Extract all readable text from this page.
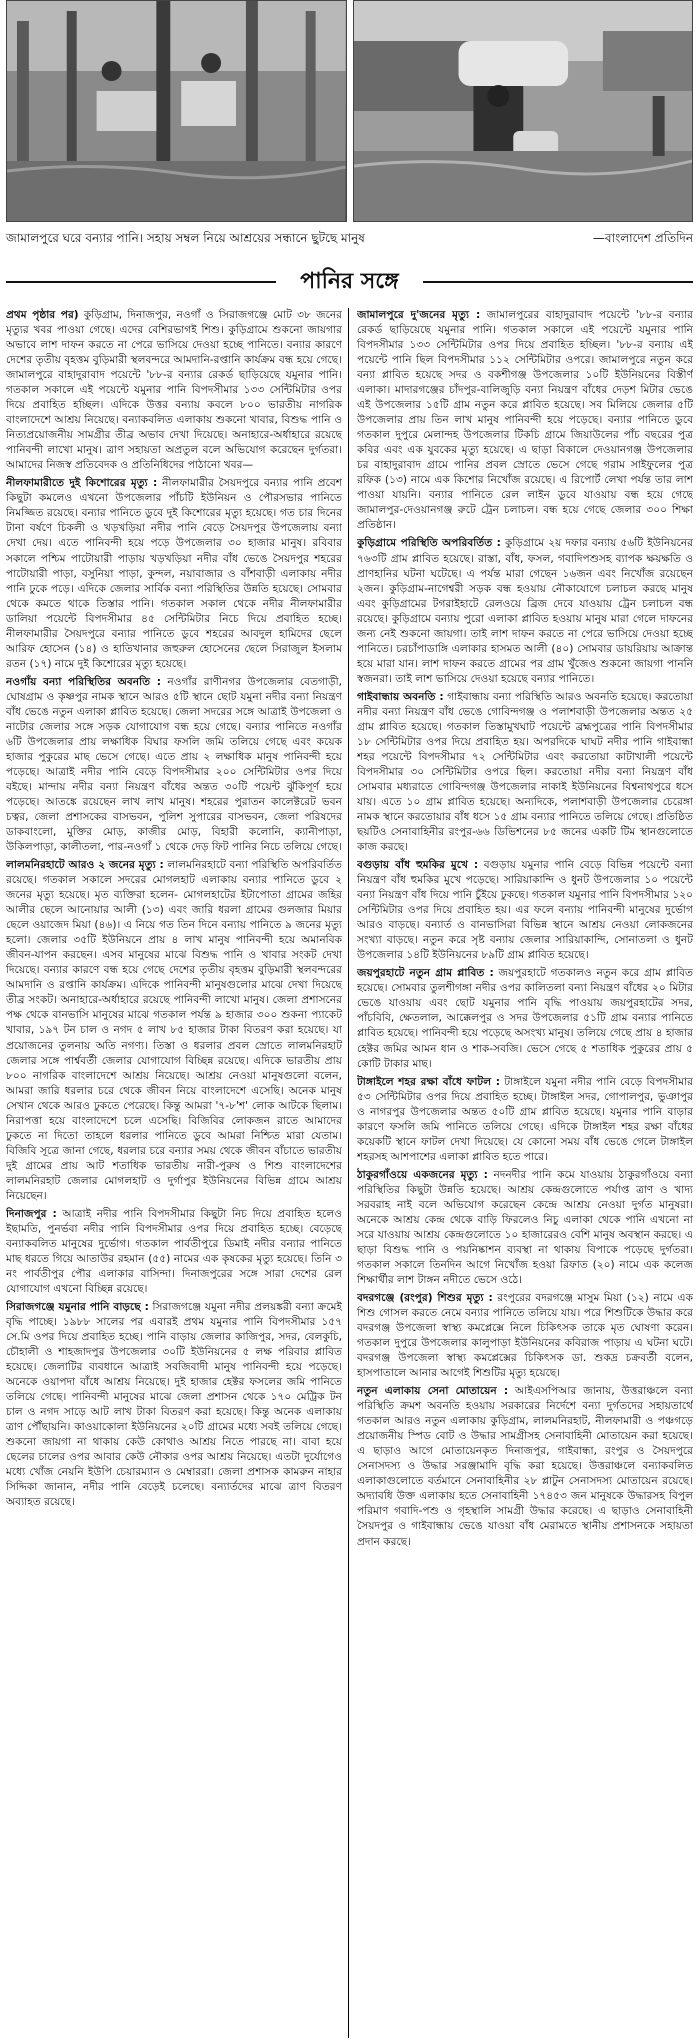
জামালপুরে ঘরে বন্যার পানি। সহায় সম্বল নিয়ে আশ্রয়ের সন্ধানে ছুটছে মানুষ	—বাংলাদেশ প্রতিদিন
পানির সঙ্গে

প্রথম পৃষ্ঠার পর) কুড়িগ্রাম, দিনাজপুর, নওগাঁ ও সিরাজগঞ্জে মোট ৩৮ জনের মৃত্যুর খবর পাওয়া গেছে। এদের বেশিরভাগই শিশু। কুড়িগ্রামে শুকনো জায়গার অভাবে লাশ দাফন করতে না পেরে ভাসিয়ে দেওয়া হচ্ছে পানিতে। বন্যার কারণে দেশের তৃতীয় বৃহত্তম বুড়িমারী স্থলবন্দরে আমদানি-রপ্তানি কার্যক্রম বন্ধ হয়ে গেছে। জামালপুরে বাহাদুরাবাদ পয়েন্টে '৮৮-র বন্যার রেকর্ড ছাড়িয়েছে যমুনার পানি। গতকাল সকালে এই পয়েন্টে যমুনার পানি বিপদসীমার ১৩৩ সেন্টিমিটার ওপর দিয়ে প্রবাহিত হচ্ছিল। এদিকে উত্তর বন্যায় কবলে ৮০০ ভারতীয় নাগরিক বাংলাদেশে আশ্রয় নিয়েছে। বন্যাকবলিত এলাকায় শুকনো খাবার, বিশুদ্ধ পানি ও নিত্যপ্রয়োজনীয় সামগ্রীর তীব্র অভাব দেখা দিয়েছে। অনাহারে-অর্ধাহারে রয়েছে পানিবন্দী লাখো মানুষ। ত্রাণ সহায়তা অপ্রতুল বলে অভিযোগ করেছেন দুর্গতরা। আমাদের নিজস্ব প্রতিবেদক ও প্রতিনিধিদের পাঠানো খবর—

নীলফামারীতে দুই কিশোরের মৃত্যু : নীলফামারীর সৈয়দপুরে বন্যার পানি প্রবেশ কিছুটা কমলেও এখনো উপজেলার পাঁচটি ইউনিয়ন ও পৌরসভার পানিতে নিমজ্জিত রয়েছে। বন্যার পানিতে ডুবে দুই কিশোরের মৃত্যু হয়েছে। গত চার দিনের টানা বর্ষণে চিকলী ও খড়খড়িয়া নদীর পানি বেড়ে সৈয়দপুর উপজেলায় বন্যা দেখা দেয়। এতে পানিবন্দী হয়ে পড়ে উপজেলার ৩০ হাজার মানুষ। রবিবার সকালে পশ্চিম পাটোয়ারী পাড়ায় খড়খড়িয়া নদীর বাঁধ ভেঙে সৈয়দপুর শহরের পাটোয়ারী পাড়া, বসুনিয়া পাড়া, কুন্দল, নয়াবাজার ও বাঁশবাড়ী এলাকায় নদীর পানি ঢুকে পড়ে। এদিকে জেলার সার্বিক বন্যা পরিস্থিতির উন্নতি হয়েছে। সোমবার থেকে কমতে থাকে তিস্তার পানি। গতকাল সকাল থেকে নদীর নীলফামারীর ডালিয়া পয়েন্টে বিপদসীমার ৪৫ সেন্টিমিটার নিচে দিয়ে প্রবাহিত হচ্ছে। নীলফামারীর সৈয়দপুরে বন্যার পানিতে ডুবে শহরের আবদুল হামিদের ছেলে আরিফ হোসেন (১৪) ও হাতিখানার জহুরুল হোসেনের ছেলে সিরাজুল ইসলাম রতন (১৭) নামে দুই কিশোরের মৃত্যু হয়েছে।

নওগাঁয় বন্যা পরিস্থিতির অবনতি : নওগাঁর রাণীনগর উপজেলার বেতগাড়ী, ঘোষগ্রাম ও কৃষ্ণপুর নামক স্থানে আরও ৫টি স্থানে ছোট যমুনা নদীর বন্যা নিয়ন্ত্রণ বাঁধ ভেঙে নতুন এলাকা প্লাবিত হয়েছে। জেলা সদরের সঙ্গে আত্রাই উপজেলা ও নাটোর জেলার সঙ্গে সড়ক যোগাযোগ বন্ধ হয়ে গেছে। বন্যার পানিতে নওগাঁর ৬টি উপজেলার প্রায় লক্ষাধিক বিঘার ফসলি জমি তলিয়ে গেছে এবং কয়েক হাজার পুকুরের মাছ ভেসে গেছে। এতে প্রায় ২ লক্ষাধিক মানুষ পানিবন্দী হয়ে পড়েছে। আত্রাই নদীর পানি বেড়ে বিপদসীমার ২০০ সেন্টিমিটার ওপর দিয়ে বইছে। মান্দায় নদীর বন্যা নিয়ন্ত্রণ বাঁধের অন্তত ৩০টি পয়েন্ট ঝুঁকিপূর্ণ হয়ে পড়েছে। আতঙ্কে রয়েছেন লাখ লাখ মানুষ। শহরের পুরাতন কালেক্টরেট ভবন চত্বর, জেলা প্রশাসকের বাসভবন, পুলিশ সুপারের বাসভবন, জেলা পরিষদের ডাকবাংলো, মুক্তির মোড়, কাজীর মোড়, বিহারী কলোনি, ক্যানীপাড়া, উকিলপাড়া, কালীতলা, পার-নওগাঁ ১ থেকে দেড় ফিট পানির নিচে তলিয়ে গেছে।

লালমনিরহাটে আরও ২ জনের মৃত্যু : লালমনিরহাটে বন্যা পরিস্থিতি অপরিবর্তিত রয়েছে। গতকাল সকালে সদরের মোগলহাট এলাকায় বন্যার পানিতে ডুবে ২ জনের মৃত্যু হয়েছে। মৃত ব্যক্তিরা হলেন- মোগলহাটের ইটাপোতা গ্রামের জহির আলীর ছেলে আনোয়ার আলী (১৩) এবং জারি ধরলা গ্রামের গুলজার মিয়ার ছেলে ওয়াজেদ মিয়া (৪৬)। এ নিয়ে গত তিন দিনে বন্যায় পানিতে ৯ জনের মৃত্যু হলো। জেলার ৩৫টি ইউনিয়নে প্রায় ৪ লাখ মানুষ পানিবন্দী হয়ে অমানবিক জীবন-যাপন করছেন। এসব মানুষের মাঝে বিশুদ্ধ পানি ও খাবার সংকট দেখা দিয়েছে। বন্যার কারণে বন্ধ হয়ে গেছে দেশের তৃতীয় বৃহত্তম বুড়িমারী স্থলবন্দরের আমদানি ও রপ্তানি কার্যক্রম। এদিকে পানিবন্দী মানুষগুলোর মাঝে দেখা দিয়েছে তীব্র সংকট। অনাহারে-অর্ধাহারে রয়েছে পানিবন্দী লাখো মানুষ। জেলা প্রশাসনের পক্ষ থেকে বানভাসি মানুষের মাঝে গতকাল পর্যন্ত ৯ হাজার ৩০০ শুকনা প্যাকেট খাবার, ১৯৭ টন চাল ও নগদ ৫ লাখ ৮৫ হাজার টাকা বিতরণ করা হয়েছে। যা প্রয়োজনের তুলনায় অতি নগণ্য। তিস্তা ও ধরলার প্রবল স্রোতে লালমনিরহাট জেলার সঙ্গে পার্শ্ববর্তী জেলার যোগাযোগ বিচ্ছিন্ন রয়েছে। এদিকে ভারতীয় প্রায় ৮০০ নাগরিক বাংলাদেশে আশ্রয় নিয়েছে। আশ্রয় নেওয়া মানুষগুলো বলেন, আমরা জারি ধরলার চরে থেকে জীবন নিয়ে বাংলাদেশে এসেছি। অনেক মানুষ সেখান থেকে আরও ঢুকতে পেরেছে। কিন্তু আমরা '৭-৮'শ' লোক আটকে ছিলাম। নিরাপত্তা হয়ে বাংলাদেশে চলে এসেছি। বিজিবির লোকজন রাতে আমাদের ঢুকতে না দিতো তাহলে ধরলার পানিতে ডুবে আমরা নিশ্চিত মারা যেতাম। বিজিবি সূত্রে জানা গেছে, ধরলার চরে বন্যার সময় থেকে জীবন বাঁচাতে ভারতীয় দুই গ্রামের প্রায় আট শতাধিক ভারতীয় নারী-পুরুষ ও শিশু বাংলাদেশের লালমনিরহাট জেলার মোগলহাট ও দুর্গাপুর ইউনিয়নের বিভিন্ন গ্রামে আশ্রয় নিয়েছেন।

দিনাজপুর : আত্রাই নদীর পানি বিপদসীমার কিছুটা নিচ দিয়ে প্রবাহিত হলেও ইছামতি, পুনর্ভবা নদীর পানি বিপদসীমার ওপর দিয়ে প্রবাহিত হচ্ছে। বেড়েছে বন্যাকবলিত মানুষের দুর্ভোগ। গতকাল পার্বতীপুরে ডিমাই নদীর বন্যার পানিতে মাছ ধরতে গিয়ে আতাউর রহমান (৫৫) নামের এক কৃষকের মৃত্যু হয়েছে। তিনি ৩ নং পার্বতীপুর পৌর এলাকার বাসিন্দা। দিনাজপুরের সঙ্গে সারা দেশের রেল যোগাযোগ এখনো বিচ্ছিন্ন রয়েছে।

সিরাজগঞ্জে যমুনার পানি বাড়ছে : সিরাজগঞ্জে যমুনা নদীর প্রলয়ঙ্করী বন্যা ক্রমেই বৃদ্ধি পাচ্ছে। ১৯৮৮ সালের পর এবারই প্রথম যমুনার পানি বিপদসীমার ১৫৭ সে.মি ওপর দিয়ে প্রবাহিত হচ্ছে। পানি বাড়ায় জেলার কাজিপুর, সদর, বেলকুচি, চৌহালী ও শাহজাদপুর উপজেলার ৩০টি ইউনিয়নের ৫ লক্ষ পরিবার প্লাবিত হয়েছে। জেলাটির ব্যবধানে আত্রাই সবজিবাদী মানুষ পানিবন্দী হয়ে পড়েছে। অনেকে ওয়াপদা বাঁধে আশ্রয় নিয়েছে। দুই হাজার হেক্টর ফসলের জমি পানিতে তলিয়ে গেছে। পানিবন্দী মানুষের মাঝে জেলা প্রশাসন থেকে ১৭০ মেট্রিক টন চাল ও নগদ সাড়ে আট লাখ টাকা বিতরণ করা হয়েছে। কিন্তু অনেক এলাকায় ত্রাণ পৌঁছায়নি। কাওয়াকোলা ইউনিয়নের ২০টি গ্রামের মধ্যে সবই তলিয়ে গেছে। শুকনো জায়গা না থাকায় কেউ কোথাও আশ্রয় নিতে পারছে না। বাবা হয়ে ছেলের চালের ওপর আবার কেউ নৌকার ওপর আশ্রয় নিয়েছে। এতটা দুর্যোগেও মধ্যে খোঁজ নেয়নি ইউপি চেয়ারম্যান ও মেম্বাররা। জেলা প্রশাসক কামরুন নাহার সিদ্দিকা জানান, নদীর পানি বেড়েই চলেছে। বন্যার্তদের মাঝে ত্রাণ বিতরণ অব্যাহত রয়েছে।

জামালপুরে দু'জনের মৃত্যু : জামালপুরের বাহাদুরাবাদ পয়েন্টে '৮৮-র বন্যার রেকর্ড ছাড়িয়েছে যমুনার পানি। গতকাল সকালে এই পয়েন্টে যমুনার পানি বিপদসীমার ১৩৩ সেন্টিমিটার ওপর দিয়ে প্রবাহিত হচ্ছিল। '৮৮-র বন্যায় এই পয়েন্টে পানি ছিল বিপদসীমার ১১২ সেন্টিমিটার ওপরে। জামালপুরে নতুন করে বন্যা প্লাবিত হয়েছে সদর ও বকশীগঞ্জ উপজেলার ১০টি ইউনিয়নের বিস্তীর্ণ এলাকা। মাদারগঞ্জের চাঁদপুর-বালিজুড়ি বন্যা নিয়ন্ত্রণ বাঁধের দেড়শ মিটার ভেঙে এই উপজেলার ১৫টি গ্রাম নতুন করে প্লাবিত হয়েছে। সব মিলিয়ে জেলার ৫টি উপজেলার প্রায় তিন লাখ মানুষ পানিবন্দী হয়ে পড়েছে। বন্যার পানিতে ডুবে গতকাল দুপুরে মেলান্দহ উপজেলার টিকচি গ্রামে জিয়াউলের পাঁচ বছরের পুত্র কবির এবং এক যুবকের মৃত্যু হয়েছে। এ ছাড়া বিকালে দেওয়ানগঞ্জ উপজেলার চর বাহাদুরাবাদ গ্রামে পানির প্রবল স্রোতে ভেসে গেছে গরাম সাইফুলের পুত্র রফিক (১৩) নামে এক কিশোর নিখোঁজ রয়েছে। এ রিপোর্ট লেখা পর্যন্ত তার লাশ পাওয়া যায়নি। বন্যার পানিতে রেল লাইন ডুবে যাওয়ায় বন্ধ হয়ে গেছে জামালপুর-দেওয়ানগঞ্জ রুটে ট্রেন চলাচল। বন্ধ হয়ে গেছে জেলার ৩০০ শিক্ষা প্রতিষ্ঠান।

কুড়িগ্রামে পরিস্থিতি অপরিবর্তিত : কুড়িগ্রামে ২য় দফার বন্যায় ৫৬টি ইউনিয়নের ৭৬৩টি গ্রাম প্লাবিত হয়েছে। রাস্তা, বাঁধ, ফসল, গবাদিপশুসহ ব্যাপক ক্ষয়ক্ষতি ও প্রাণহানির ঘটনা ঘটেছে। এ পর্যন্ত মারা গেছেন ১৬জন এবং নিখোঁজ রয়েছেন ২জন। কুড়িগ্রাম-নাগেশ্বরী সড়ক বন্ধ হওয়ায় নৌকাযোগে চলাচল করছে মানুষ এবং কুড়িগ্রামের টগরাইহাটে রেলওয়ে ব্রিজ দেবে যাওয়ায় ট্রেন চলাচল বন্ধ রয়েছে। কুড়িগ্রামে বন্যায় পুরো এলাকা প্লাবিত হওয়ায় মানুষ মারা গেলে দাফনের জন্য নেই শুকনো জায়গা। তাই লাশ দাফন করতে না পেরে ভাসিয়ে দেওয়া হচ্ছে পানিতে। চরচাঁপাডাঙ্গি এলাকার হাসমত আলী (৪০) সোমবার ডায়রিয়ায় আক্রান্ত হয়ে মারা যান। লাশ দাফন করতে গ্রামের পর গ্রাম খুঁজেও শুকনো জায়গা পাননি স্বজনরা। তাই লাশ ভাসিয়ে দেওয়া হয়েছে বন্যার পানিতে।

গাইবান্ধায় অবনতি : গাইবান্ধায় বন্যা পরিস্থিতি আরও অবনতি হয়েছে। করতোয়া নদীর বন্যা নিয়ন্ত্রণ বাঁধ ভেঙে গোবিন্দগঞ্জ ও পলাশবাড়ী উপজেলার অন্তত ২৫ গ্রাম প্লাবিত হয়েছে। গতকাল তিস্তামুখঘাট পয়েন্টে ব্রহ্মপুত্রের পানি বিপদসীমার ১৮ সেন্টিমিটার ওপর দিয়ে প্রবাহিত হয়। অপরদিকে ঘাঘট নদীর পানি গাইবান্ধা শহর পয়েন্টে বিপদসীমার ৭২ সেন্টিমিটার এবং করতোয়া কাটাখালী পয়েন্টে বিপদসীমার ৩০ সেন্টিমিটার ওপরে ছিল। করতোয়া নদীর বন্যা নিয়ন্ত্রণ বাঁধ সোমবার মধ্যরাতে গোবিন্দগঞ্জ উপজেলার নাকাই ইউনিয়নের বিশ্বনাথপুরে ধসে যায়। এতে ১০ গ্রাম প্লাবিত হয়েছে। অন্যদিকে, পলাশবাড়ী উপজেলার চেরেঙ্গা নামক স্থানে করতোয়ার বাঁধ ধসে ১৫ গ্রাম বন্যার পানিতে তলিয়ে গেছে। প্রতিষ্ঠিত ছয়টিও সেনাবাহিনীর রংপুর-৬৬ ডিভিশনের ৮৫ জনের একটি টিম স্থানগুলোতে কাজ করছে।

বগুড়ায় বাঁধ হুমকির মুখে : বগুড়ায় যমুনার পানি বেড়ে বিভিন্ন পয়েন্টে বন্যা নিয়ন্ত্রণ বাঁধ হুমকির মুখে পড়েছে। সারিয়াকান্দি ও ধুনট উপজেলার ১০ পয়েন্টে বন্যা নিয়ন্ত্রণ বাঁধ দিয়ে পানি চুঁইয়ে ঢুকছে। গতকাল যমুনার পানি বিপদসীমার ১২০ সেন্টিমিটার ওপর দিয়ে প্রবাহিত হয়। এর ফলে বন্যায় পানিবন্দী মানুষের দুর্ভোগ আরও বাড়ছে। বন্যার্ত ও বানভাসিরা বিভিন্ন স্থানে আশ্রয় নেওয়া লোকজনের সংখ্যা বাড়ছে। নতুন করে সৃষ্ট বন্যায় জেলার সারিয়াকান্দি, সোনাতলা ও ধুনট উপজেলার ১৪টি ইউনিয়নের ৮৯টি গ্রাম প্লাবিত হয়েছে।

জয়পুরহাটে নতুন গ্রাম প্লাবিত : জয়পুরহাটে গতকালও নতুন করে গ্রাম প্লাবিত হয়েছে। সোমবার তুলশীগঙ্গা নদীর ওপর কালিতলা বন্যা নিয়ন্ত্রণ বাঁধের ২০ মিটার ভেঙে যাওয়ায় এবং ছোট যমুনার পানি বৃদ্ধি পাওয়ায় জয়পুরহাটের সদর, পাঁচবিবি, ক্ষেতলাল, আক্কেলপুর ও সদর উপজেলার ৫১টি গ্রাম বন্যার পানিতে প্লাবিত হয়েছে। পানিবন্দী হয়ে পড়েছে অসংখ্য মানুষ। তলিয়ে গেছে প্রায় ৪ হাজার হেক্টর জমির আমন ধান ও শাক-সবজি। ভেসে গেছে ৫ শতাধিক পুকুরের প্রায় ৫ কোটি টাকার মাছ।

টাঙ্গাইলে শহর রক্ষা বাঁধে ফাটল : টাঙ্গাইলে যমুনা নদীর পানি বেড়ে বিপদসীমার ৫৩ সেন্টিমিটার ওপর দিয়ে প্রবাহিত হচ্ছে। টাঙ্গাইল সদর, গোপালপুর, ভুঞাপুর ও নাগরপুর উপজেলার অন্তত ৫০টি গ্রাম প্লাবিত হয়েছে। যমুনার পানি বাড়ার কারণে ফসলি জমি পানিতে তলিয়ে গেছে। এদিকে টাঙ্গাইল শহর রক্ষা বাঁধের কয়েকটি স্থানে ফাটল দেখা দিয়েছে। যে কোনো সময় বাঁধ ভেঙে গেলে টাঙ্গাইল শহরসহ আশপাশের এলাকা প্লাবিত হতে পারে।

ঠাকুরগাঁওয়ে একজনের মৃত্যু : নদনদীর পানি কমে যাওয়ায় ঠাকুরগাঁওয়ে বন্যা পরিস্থিতির কিছুটা উন্নতি হয়েছে। আশ্রয় কেন্দ্রগুলোতে পর্যাপ্ত ত্রাণ ও খাদ্য সরবরাহ নাই বলে অভিযোগ করেছেন কেন্দ্রে আশ্রয় নেওয়া দুর্গত মানুষরা। অনেকে আশ্রয় কেন্দ্র থেকে বাড়ি ফিরলেও নিচু এলাকা থেকে পানি এখনো না সরে যাওয়ায় আশ্রয় কেন্দ্রগুলোতে ১০ হাজারেরও বেশি মানুষ অবস্থান করছে। এ ছাড়া বিশুদ্ধ পানি ও পয়নিষ্কাশন ব্যবস্থা না থাকায় বিপাকে পড়েছে দুর্গতরা। গতকাল সকালে তিনদিন আগে নিখোঁজ হওয়া রিফাত (২০) নামে এক কলেজ শিক্ষার্থীর লাশ টাঙ্গন নদীতে ভেসে ওঠে।

বদরগঞ্জে (রংপুর) শিশুর মৃত্যু : রংপুরের বদরগঞ্জে মাসুম মিয়া (১২) নামে এক শিশু গোসল করতে নেমে বন্যার পানিতে তলিয়ে যায়। পরে শিশুটিকে উদ্ধার করে বদরগঞ্জ উপজেলা স্বাস্থ্য কমপ্লেক্সে নিলে চিকিৎসক তাকে মৃত ঘোষণা করেন। গতকাল দুপুরে উপজেলার কালুপাড়া ইউনিয়নের কবিরাজ পাড়ায় এ ঘটনা ঘটে। বদরগঞ্জ উপজেলা স্বাস্থ্য কমপ্লেক্সের চিকিৎসক ডা. শুকদ্র চক্রবর্তী বলেন, হাসপাতালে আনার আগেই শিশুটির মৃত্যু হয়েছে।

নতুন এলাকায় সেনা মোতায়েন : আইএসপিআর জানায়, উত্তরাঞ্চলে বন্যা পরিস্থিতি ক্রমশ অবনতি হওয়ায় সরকারের নির্দেশে বন্যা দুর্গতদের সহায়তার্থে গতকাল আরও নতুন এলাকায় কুড়িগ্রাম, লালমনিরহাট, নীলফামারী ও পঞ্চগড়ে প্রয়োজনীয় স্পিড বোট ও উদ্ধার সামগ্রীসহ সেনাবাহিনী মোতায়েন করা হয়েছে। এ ছাড়াও আগে মোতায়েনকৃত দিনাজপুর, গাইবান্ধা, রংপুর ও সৈয়দপুরে সেনাসদস্য ও উদ্ধার সরঞ্জামাদি বৃদ্ধি করা হয়েছে। উত্তরাঞ্চলে বন্যাকবলিত এলাকাগুলোতে বর্তমানে সেনাবাহিনীর ২৮ প্লাটুন সেনাসদস্য মোতায়েন রয়েছে। অদ্যাবধি উক্ত এলাকায় হতে সেনাবাহিনী ১৭৪৫৩ জন মানুষকে উদ্ধারসহ বিপুল পরিমাণ গবাদি-পশু ও গৃহস্থালি সামগ্রী উদ্ধার করেছে। এ ছাড়াও সেনাবাহিনী সৈয়দপুর ও গাইবান্ধায় ভেঙে যাওয়া বাঁধ মেরামতে স্থানীয় প্রশাসনকে সহায়তা প্রদান করছে।
